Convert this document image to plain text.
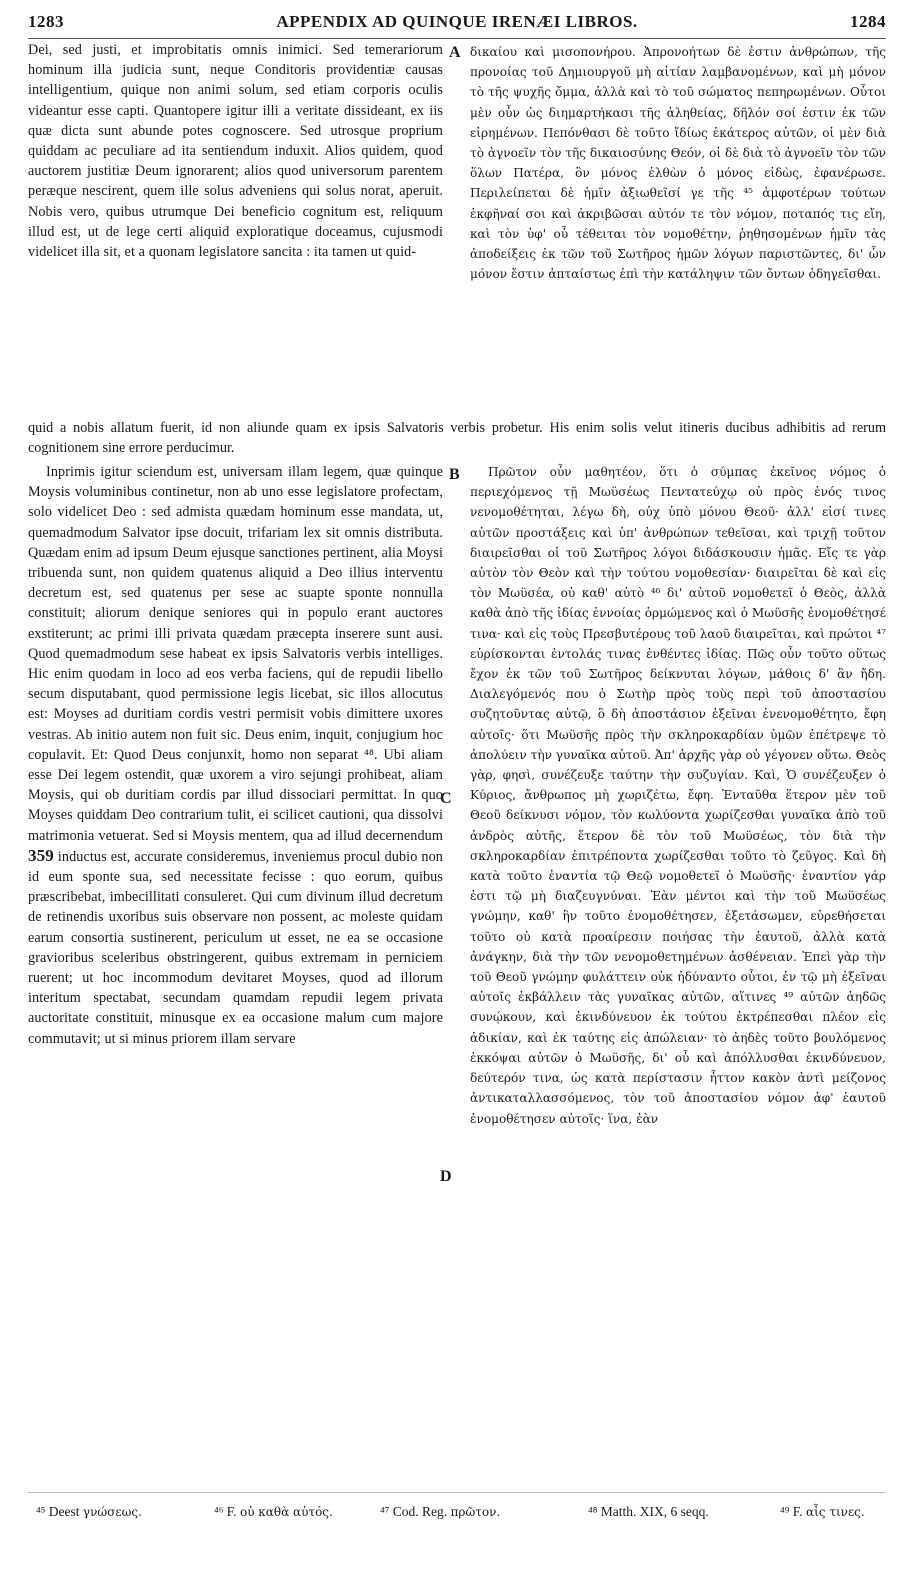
1283	APPENDIX AD QUINQUE IRENÆI LIBROS.	1284

Dei, sed justi, et improbitatis omnis inimici. Sed temerariorum hominum illa judicia sunt, neque Conditoris providentiæ causas intelligentium, quique non animi solum, sed etiam corporis oculis videantur esse capti. Quantopere igitur illi a veritate dissideant, ex iis quæ dicta sunt abunde potes cognoscere. Sed utrosque proprium quiddam ac peculiare ad ita sentiendum induxit. Alios quidem, quod auctorem justitiæ Deum ignorarent; alios quod universorum parentem peræque nescirent, quem ille solus adveniens qui solus norat, aperuit. Nobis vero, quibus utrumque Dei beneficio cognitum est, reliquum illud est, ut de lege certi aliquid exploratique doceamus, cujusmodi videlicet illa sit, et a quonam legislatore sancita : ita tamen ut quid-

A δικαίου καὶ μισοπονήρου. Ἀπρονοήτων δὲ ἐστιν ἀνθρώπων, τῆς προνοίας τοῦ Δημιουργοῦ μὴ αἰτίαν λαμβανομένων, καὶ μὴ μόνον τὸ τῆς ψυχῆς ὄμμα, ἀλλὰ καὶ τὸ τοῦ σώματος πεπηρωμένων. Οὗτοι μὲν οὖν ὡς διημαρτήκασι τῆς ἀληθείας, δῆλόν σοί ἐστιν ἐκ τῶν εἰρημένων. Πεπόνθασι δὲ τοῦτο ἴδίως ἑκάτερος αὐτῶν, οἱ μὲν διὰ τὸ ἀγνοεῖν τὸν τῆς δικαιοσύνης Θεόν, οἱ δὲ διὰ τὸ ἀγνοεῖν τὸν τῶν ὅλων Πατέρα, ὃν μόνος ἐλθὼν ὁ μόνος εἰδὼς, ἐφανέρωσε. Περιλείπεται δὲ ἡμῖν ἀξιωθεῖσί γε τῆς ⁴⁵ ἀμφοτέρων τούτων ἐκφῆναί σοι καὶ ἀκριβῶσαι αὐτόν τε τὸν νόμον, ποταπός τις εἴη, καὶ τὸν ὑφ' οὗ τέθειται τὸν νομοθέτην, ῥηθησομένων ἡμῖν τὰς ἀποδείξεις ἐκ τῶν τοῦ Σωτῆρος ἡμῶν λόγων παριστῶντες, δι' ὧν μόνον ἔστιν ἀπταίστως ἐπὶ τὴν κατάληψιν τῶν ὄντων ὁδηγεῖσθαι.

quid a nobis allatum fuerit, id non aliunde quam ex ipsis Salvatoris verbis probetur. His enim solis velut itineris ducibus adhibitis ad rerum cognitionem sine errore perducimur.
B
C
D

Inprimis igitur sciendum est, universam illam legem, quæ quinque Moysis voluminibus continetur, non ab uno esse legislatore profectam, solo videlicet Deo : sed admista quædam hominum esse mandata, ut, quemadmodum Salvator ipse docuit, trifariam lex sit omnis distributa. Quædam enim ad ipsum Deum ejusque sanctiones pertinent, alia Moysi tribuenda sunt, non quidem quatenus aliquid a Deo illius interventu decretum est, sed quatenus per sese ac suapte sponte nonnulla constituit; aliorum denique seniores qui in populo erant auctores exstiterunt; ac primi illi privata quædam præcepta inserere sunt ausi. Quod quemadmodum sese habeat ex ipsis Salvatoris verbis intelliges. Hic enim quodam in loco ad eos verba faciens, qui de repudii libello secum disputabant, quod permissione legis licebat, sic illos allocutus est: Moyses ad duritiam cordis vestri permisit vobis dimittere uxores vestras. Ab initio autem non fuit sic. Deus enim, inquit, conjugium hoc copulavit. Et: Quod Deus conjunxit, homo non separat ⁴⁸. Ubi aliam esse Dei legem ostendit, quæ uxorem a viro sejungi prohibeat, aliam Moysis, qui ob duritiam cordis par illud dissociari permittat. In quo Moyses quiddam Deo contrarium tulit, ei scilicet cautioni, qua dissolvi matrimonia vetuerat. Sed si Moysis mentem, qua ad illud decernendum 359 inductus est, accurate consideremus, inveniemus procul dubio non id eum sponte sua, sed necessitate fecisse : quo eorum, quibus præscribebat, imbecillitati consuleret. Qui cum divinum illud decretum de retinendis uxoribus suis observare non possent, ac moleste quidam earum consortia sustinerent, periculum ut esset, ne ea se occasione gravioribus sceleribus obstringerent, quibus extremam in perniciem ruerent; ut hoc incommodum devitaret Moyses, quod ad illorum interitum spectabat, secundam quamdam repudii legem privata auctoritate constituit, minusque ex ea occasione malum cum majore commutavit; ut si minus priorem illam servare

Πρῶτον οὖν μαθητέον, ὅτι ὁ σύμπας ἐκεῖνος νόμος ὁ περιεχόμενος τῇ Μωϋσέως Πεντατεύχῳ οὐ πρὸς ἑνός τινος νενομοθέτηται, λέγω δὴ, οὐχ ὑπὸ μόνου Θεοῦ· ἀλλ' εἰσί τινες αὐτῶν προστάξεις καὶ ὑπ' ἀνθρώπων τεθεῖσαι, καὶ τριχῇ τοῦτον διαιρεῖσθαι οἱ τοῦ Σωτῆρος λόγοι διδάσκουσιν ἡμᾶς. Εἴς τε γὰρ αὐτὸν τὸν Θεὸν καὶ τὴν τούτου νομοθεσίαν· διαιρεῖται δὲ καὶ εἰς τὸν Μωϋσέα, οὐ καθ' αὐτὸ ⁴⁶ δι' αὐτοῦ νομοθετεῖ ὁ Θεὸς, ἀλλὰ καθὰ ἀπὸ τῆς ἰδίας ἐννοίας ὁρμώμενος καὶ ὁ Μωϋσῆς ἐνομοθέτησέ τινα· καὶ εἰς τοὺς Πρεσβυτέρους τοῦ λαοῦ διαιρεῖται, καὶ πρώτοι ⁴⁷ εὑρίσκονται ἐντολάς τινας ἐνθέντες ἰδίας. Πῶς οὖν τοῦτο οὕτως ἔχον ἐκ τῶν τοῦ Σωτῆρος δείκνυται λόγων, μάθοις δ' ἂν ἤδη. Διαλεγόμενός που ὁ Σωτὴρ πρὸς τοὺς περὶ τοῦ ἀποστασίου συζητοῦντας αὐτῷ, ὃ δὴ ἀποστάσιον ἐξεῖναι ἐνενομοθέτητο, ἔφη αὐτοῖς· ὅτι Μωϋσῆς πρὸς τὴν σκληροκαρδίαν ὑμῶν ἐπέτρεψε τὸ ἀπολύειν τὴν γυναῖκα αὐτοῦ. Ἀπ' ἀρχῆς γὰρ οὐ γέγονεν οὕτω. Θεὸς γὰρ, φησὶ, συνέζευξε ταύτην τὴν συζυγίαν. Καὶ, Ὁ συνέζευξεν ὁ Κύριος, ἄνθρωπος μὴ χωριζέτω, ἔφη. Ἐνταῦθα ἕτερον μὲν τοῦ Θεοῦ δείκνυσι νόμον, τὸν κωλύοντα χωρίζεσθαι γυναῖκα ἀπὸ τοῦ ἀνδρὸς αὐτῆς, ἕτερον δὲ τὸν τοῦ Μωϋσέως, τὸν διὰ τὴν σκληροκαρδίαν ἐπιτρέποντα χωρίζεσθαι τοῦτο τὸ ζεῦγος. Καὶ δὴ κατὰ τοῦτο ἐναντία τῷ Θεῷ νομοθετεῖ ὁ Μωϋσῆς· ἐναντίον γάρ ἐστι τῷ μὴ διαζευγνύναι. Ἐὰν μέντοι καὶ τὴν τοῦ Μωϋσέως γνώμην, καθ' ἣν τοῦτο ἐνομοθέτησεν, ἐξετάσωμεν, εὑρεθήσεται τοῦτο οὐ κατὰ προαίρεσιν ποιήσας τὴν ἑαυτοῦ, ἀλλὰ κατὰ ἀνάγκην, διὰ τὴν τῶν νενομοθετημένων ἀσθένειαν. Ἐπεὶ γὰρ τὴν τοῦ Θεοῦ γνώμην φυλάττειν οὐκ ἠδύναντο οὗτοι, ἐν τῷ μὴ ἐξεῖναι αὐτοῖς ἐκβάλλειν τὰς γυναῖκας αὐτῶν, αἵτινες ⁴⁹ αὐτῶν ἀηδῶς συνῴκουν, καὶ ἐκινδύνευον ἐκ τούτου ἐκτρέπεσθαι πλέον εἰς ἀδικίαν, καὶ ἐκ ταύτης εἰς ἀπώλειαν· τὸ ἀηδὲς τοῦτο βουλόμενος ἐκκόψαι αὐτῶν ὁ Μωϋσῆς, δι' οὗ καὶ ἀπόλλυσθαι ἐκινδύνευον, δεύτερόν τινα, ὡς κατὰ περίστασιν ἧττον κακὸν ἀντὶ μείζονος ἀντικαταλλασσόμενος, τὸν τοῦ ἀποστασίου νόμον ἀφ' ἑαυτοῦ ἐνομοθέτησεν αὐτοῖς· ἵνα, ἐὰν

⁴⁵ Deest γνώσεως.	⁴⁶ F. οὐ καθὰ αὐτός.	⁴⁷ Cod. Reg. πρῶτον.	⁴⁸ Matth. XIX, 6 seqq.	⁴⁹ F. αἷς τινες.
